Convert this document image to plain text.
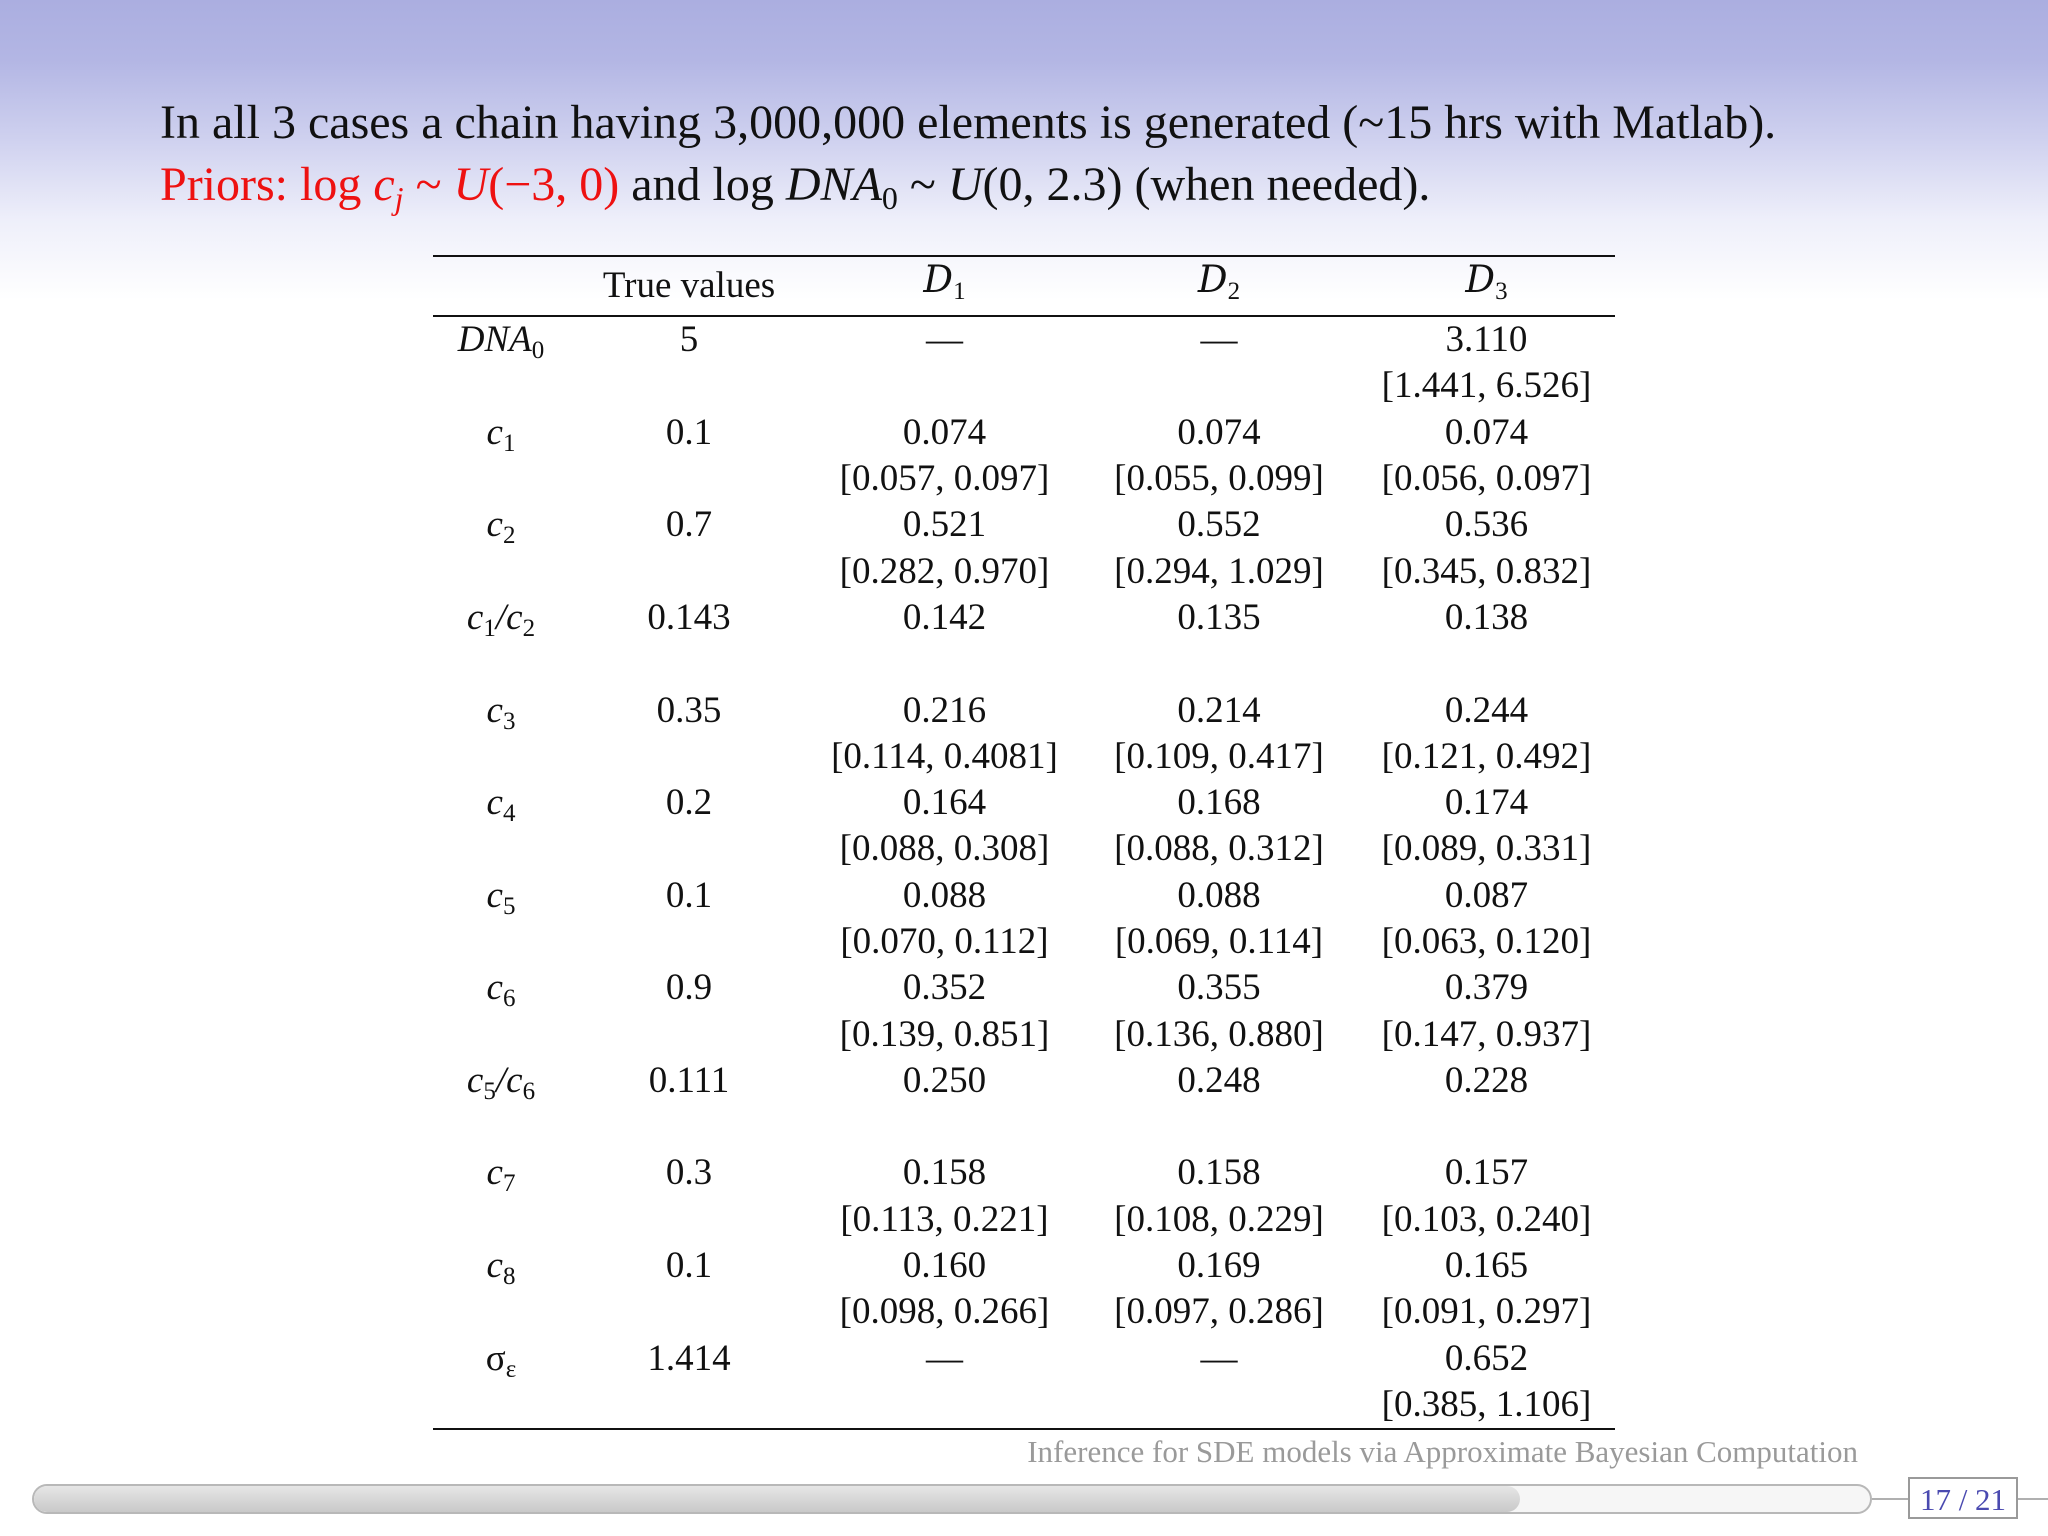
In all 3 cases a chain having 3,000,000 elements is generated (~15 hrs with Matlab).
Priors: $\log c_j$ ~ U(−3, 0) and $\log DNA_0$ ~ U(0, 2.3) (when needed).
	True values	D1	D2	D3
$DNA_0$	5	—	—	3.110
				[1.441, 6.526]
$c_1$	0.1	0.074	0.074	0.074
		[0.057, 0.097]	[0.055, 0.099]	[0.056, 0.097]
$c_2$	0.7	0.521	0.552	0.536
		[0.282, 0.970]	[0.294, 1.029]	[0.345, 0.832]
$c_1/c_2$	0.143	0.142	0.135	0.138

$c_3$	0.35	0.216	0.214	0.244
		[0.114, 0.4081]	[0.109, 0.417]	[0.121, 0.492]
$c_4$	0.2	0.164	0.168	0.174
		[0.088, 0.308]	[0.088, 0.312]	[0.089, 0.331]
$c_5$	0.1	0.088	0.088	0.087
		[0.070, 0.112]	[0.069, 0.114]	[0.063, 0.120]
$c_6$	0.9	0.352	0.355	0.379
		[0.139, 0.851]	[0.136, 0.880]	[0.147, 0.937]
$c_5/c_6$	0.111	0.250	0.248	0.228

$c_7$	0.3	0.158	0.158	0.157
		[0.113, 0.221]	[0.108, 0.229]	[0.103, 0.240]
$c_8$	0.1	0.160	0.169	0.165
		[0.098, 0.266]	[0.097, 0.286]	[0.091, 0.297]
$\sigma_\varepsilon$	1.414	—	—	0.652
				[0.385, 1.106]
Inference for SDE models via Approximate Bayesian Computation
17 / 21
